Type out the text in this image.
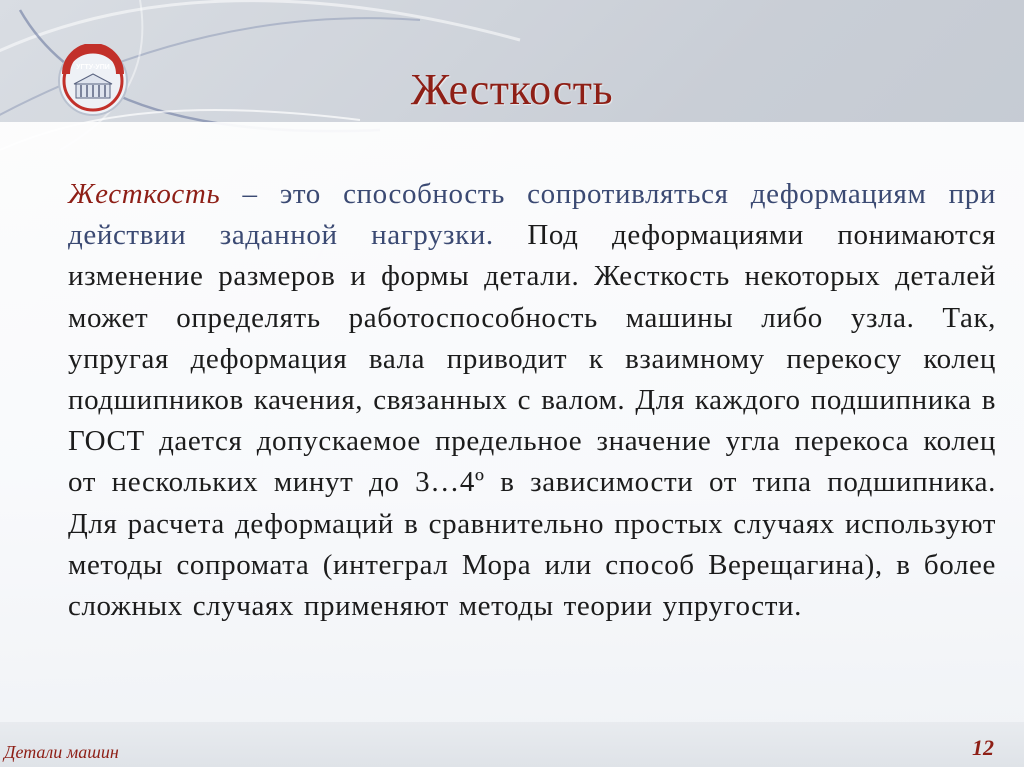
УГТУ-УПИ	Жесткость
Жесткость – это способность сопротивляться деформациям при действии заданной нагрузки. Под деформациями понимаются изменение размеров и формы детали. Жесткость некоторых деталей может определять работоспособность машины либо узла. Так, упругая деформация вала приводит к взаимному перекосу колец подшипников качения, связанных с валом. Для каждого подшипника в ГОСТ дается допускаемое предельное значение угла перекоса колец от нескольких минут до 3…4º в зависимости от типа подшипника. Для расчета деформаций в сравнительно простых случаях используют методы сопромата (интеграл Мора или способ Верещагина), в более сложных случаях применяют методы теории упругости.
Детали машин	12
